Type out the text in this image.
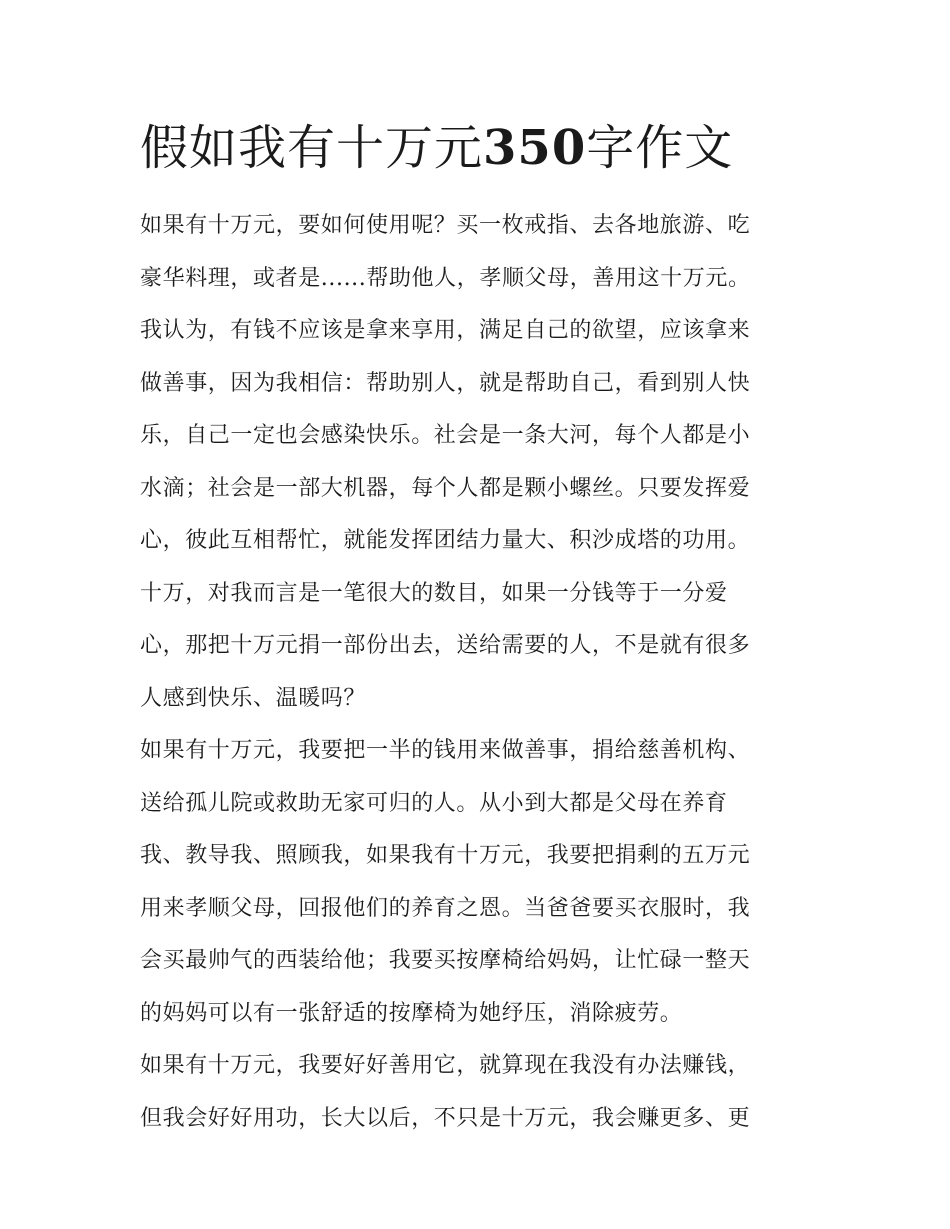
假如我有十万元350字作文
如果有十万元，要如何使用呢？买一枚戒指、去各地旅游、吃
豪华料理，或者是......帮助他人，孝顺父母，善用这十万元。
我认为，有钱不应该是拿来享用，满足自己的欲望，应该拿来
做善事，因为我相信：帮助别人，就是帮助自己，看到别人快
乐，自己一定也会感染快乐。社会是一条大河，每个人都是小
水滴；社会是一部大机器，每个人都是颗小螺丝。只要发挥爱
心，彼此互相帮忙，就能发挥团结力量大、积沙成塔的功用。
十万，对我而言是一笔很大的数目，如果一分钱等于一分爱
心，那把十万元捐一部份出去，送给需要的人，不是就有很多
人感到快乐、温暖吗？
如果有十万元，我要把一半的钱用来做善事，捐给慈善机构、
送给孤儿院或救助无家可归的人。从小到大都是父母在养育
我、教导我、照顾我，如果我有十万元，我要把捐剩的五万元
用来孝顺父母，回报他们的养育之恩。当爸爸要买衣服时，我
会买最帅气的西装给他；我要买按摩椅给妈妈，让忙碌一整天
的妈妈可以有一张舒适的按摩椅为她纾压，消除疲劳。
如果有十万元，我要好好善用它，就算现在我没有办法赚钱，
但我会好好用功，长大以后，不只是十万元，我会赚更多、更
